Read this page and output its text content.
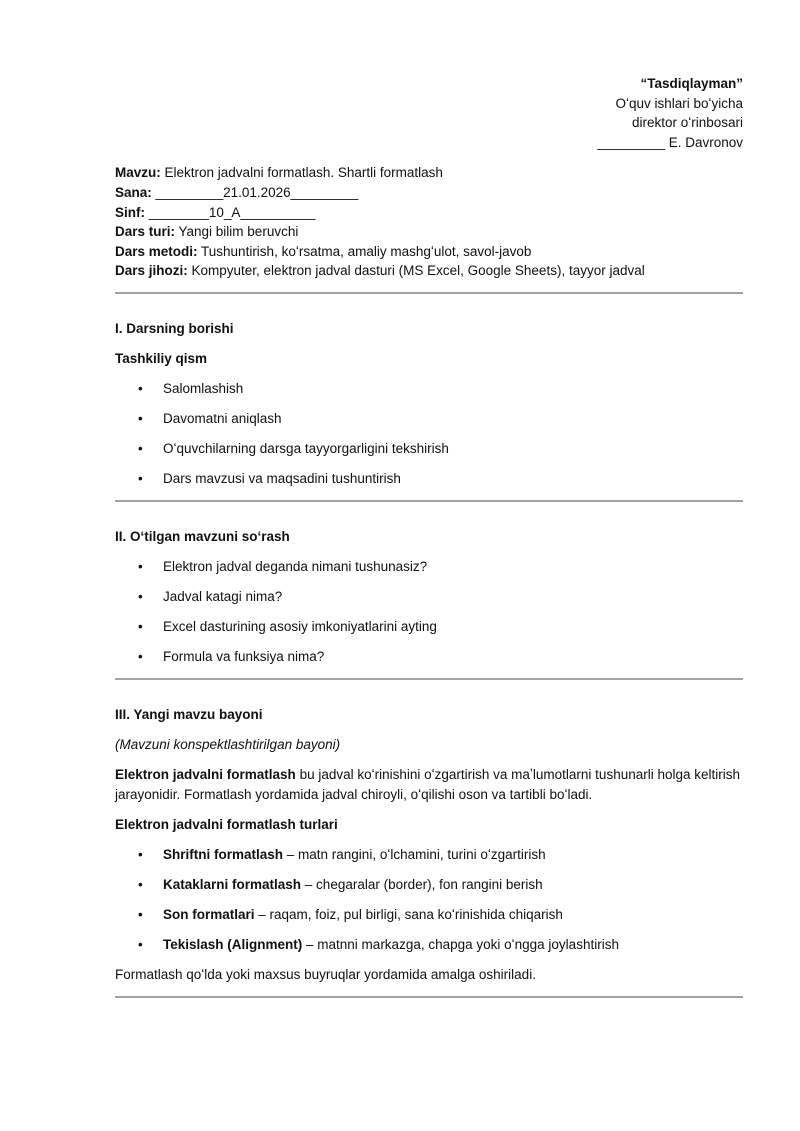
“Tasdiqlayman”
Oʻquv ishlari boʻyicha
direktor oʻrinbosari
_________ E. Davronov
Mavzu: Elektron jadvalni formatlash. Shartli formatlash
Sana: _________21.01.2026_________
Sinf: ________10_A__________
Dars turi: Yangi bilim beruvchi
Dars metodi: Tushuntirish, koʻrsatma, amaliy mashgʻulot, savol-javob
Dars jihozi: Kompyuter, elektron jadval dasturi (MS Excel, Google Sheets), tayyor jadval
I. Darsning borishi
Tashkiliy qism
• Salomlashish
• Davomatni aniqlash
• Oʻquvchilarning darsga tayyorgarligini tekshirish
• Dars mavzusi va maqsadini tushuntirish
II. Oʻtilgan mavzuni soʻrash
• Elektron jadval deganda nimani tushunasiz?
• Jadval katagi nima?
• Excel dasturining asosiy imkoniyatlarini ayting
• Formula va funksiya nima?
III. Yangi mavzu bayoni
(Mavzuni konspektlashtirilgan bayoni)
Elektron jadvalni formatlash bu jadval koʻrinishini oʻzgartirish va maʼlumotlarni tushunarli holga keltirish jarayonidir. Formatlash yordamida jadval chiroyli, oʻqilishi oson va tartibli boʻladi.
Elektron jadvalni formatlash turlari
• Shriftni formatlash – matn rangini, oʻlchamini, turini oʻzgartirish
• Kataklarni formatlash – chegaralar (border), fon rangini berish
• Son formatlari – raqam, foiz, pul birligi, sana koʻrinishida chiqarish
• Tekislash (Alignment) – matnni markazga, chapga yoki oʻngga joylashtirish
Formatlash qoʻlda yoki maxsus buyruqlar yordamida amalga oshiriladi.
